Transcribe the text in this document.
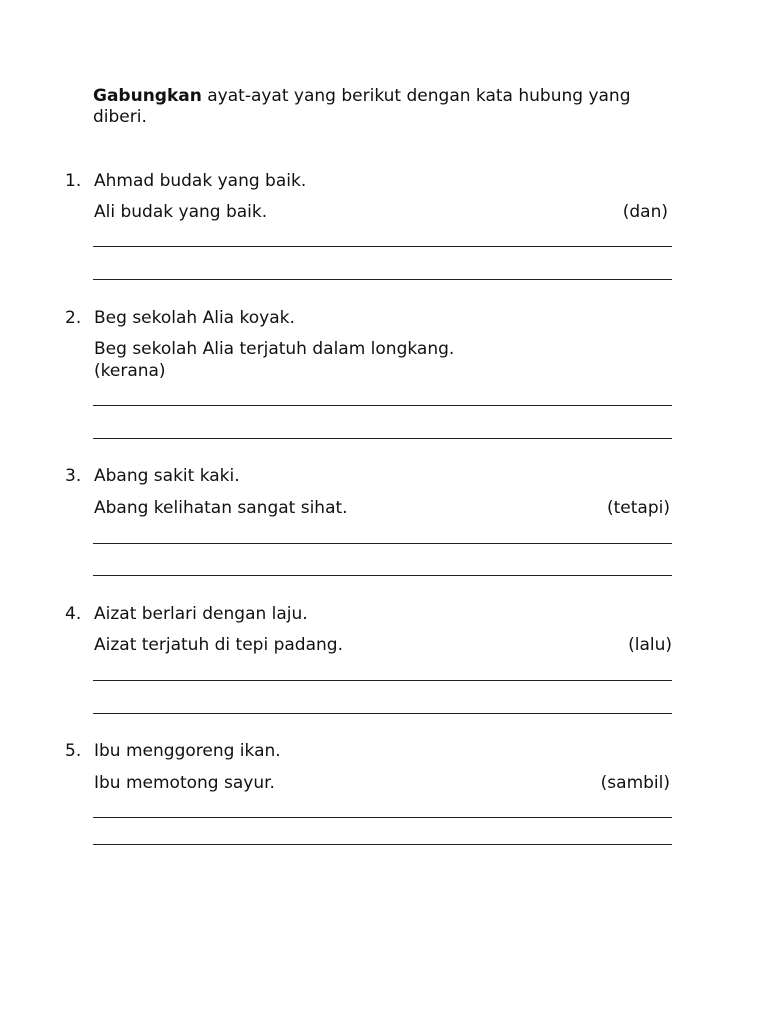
Gabungkan ayat-ayat yang berikut dengan kata hubung yang diberi.
1. Ahmad budak yang baik.
Ali budak yang baik.	(dan)
2. Beg sekolah Alia koyak.
Beg sekolah Alia terjatuh dalam longkang.
(kerana)
3. Abang sakit kaki.
Abang kelihatan sangat sihat.	(tetapi)
4. Aizat berlari dengan laju.
Aizat terjatuh di tepi padang.	(lalu)
5. Ibu menggoreng ikan.
Ibu memotong sayur.	(sambil)
